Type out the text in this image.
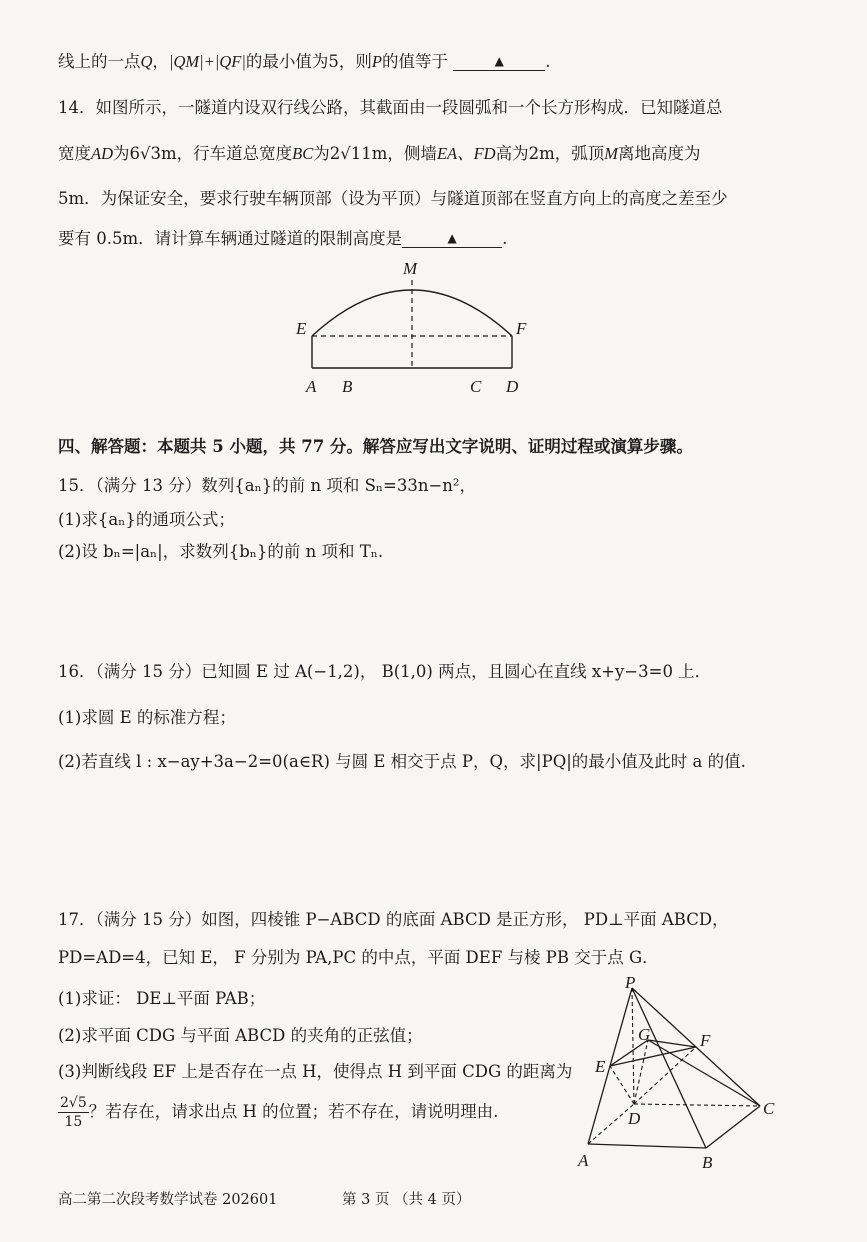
线上的一点Q，|QM|+|QF|的最小值为5，则P的值等于	▲	.
14．如图所示，一隧道内设双行线公路，其截面由一段圆弧和一个长方形构成．已知隧道总
宽度AD为6√3m，行车道总宽度BC为2√11m，侧墙EA、FD高为2m，弧顶M离地高度为
5m．为保证安全，要求行驶车辆顶部（设为平顶）与隧道顶部在竖直方向上的高度之差至少
要有 0.5m．请计算车辆通过隧道的限制高度是	▲	.
M
E	F
A B	C D
四、解答题：本题共 5 小题，共 77 分。解答应写出文字说明、证明过程或演算步骤。
15．（满分 13 分）数列{aₙ}的前 n 项和 Sₙ=33n−n²，
(1)求{aₙ}的通项公式；
(2)设 bₙ=|aₙ|，求数列{bₙ}的前 n 项和 Tₙ.
16．（满分 15 分）已知圆 E 过 A(−1,2)， B(1,0) 两点，且圆心在直线 x+y−3=0 上．
(1)求圆 E 的标准方程；
(2)若直线 l : x−ay+3a−2=0(a∈R) 与圆 E 相交于点 P，Q，求|PQ|的最小值及此时 a 的值.
17．（满分 15 分）如图，四棱锥 P−ABCD 的底面 ABCD 是正方形， PD⊥平面 ABCD，
PD=AD=4，已知 E， F 分别为 PA,PC 的中点，平面 DEF 与棱 PB 交于点 G．
(1)求证： DE⊥平面 PAB；
(2)求平面 CDG 与平面 ABCD 的夹角的正弦值；
(3)判断线段 EF 上是否存在一点 H，使得点 H 到平面 CDG 的距离为
$\frac{2√5}{15}$ ？若存在，请求出点 H 的位置；若不存在，请说明理由.
P
G	F
E
D
C
A	B
高二第二次段考数学试卷 202601	第 3 页 （共 4 页）
